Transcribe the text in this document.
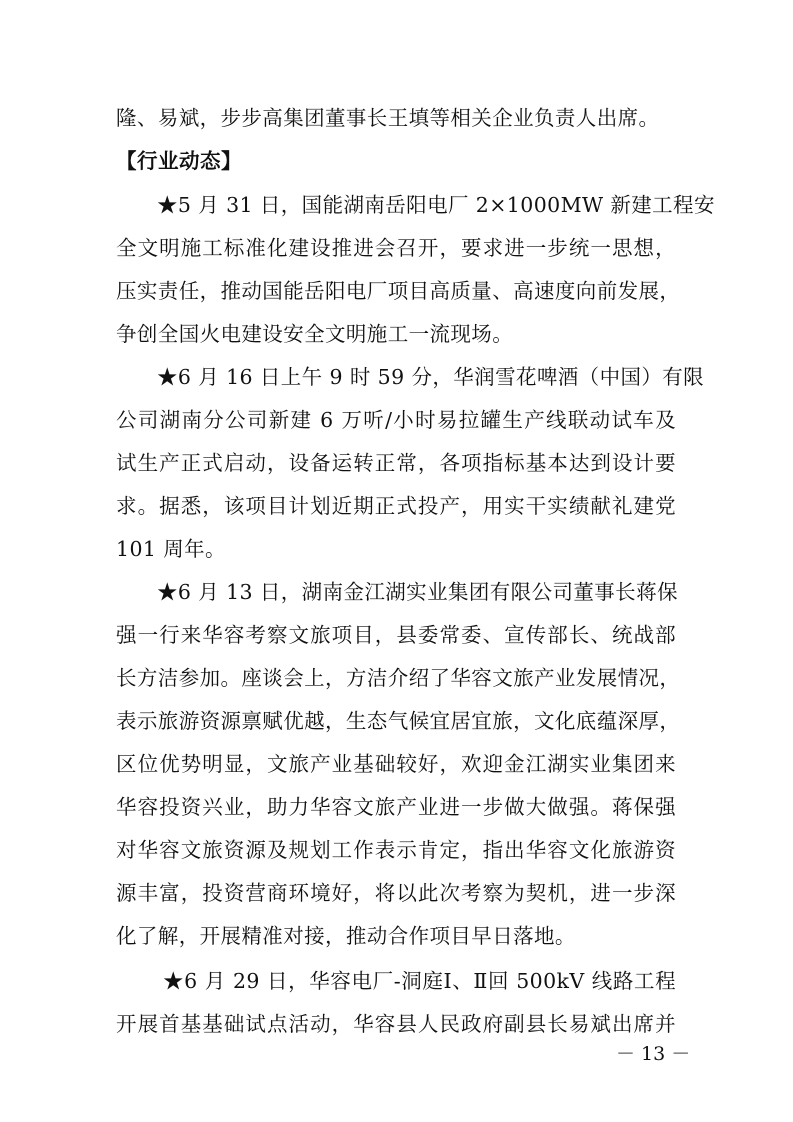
隆、易斌，步步高集团董事长王填等相关企业负责人出席。
【行业动态】
★5 月 31 日，国能湖南岳阳电厂 2×1000MW 新建工程安
全文明施工标准化建设推进会召开，要求进一步统一思想，
压实责任，推动国能岳阳电厂项目高质量、高速度向前发展，
争创全国火电建设安全文明施工一流现场。
★6 月 16 日上午 9 时 59 分，华润雪花啤酒（中国）有限
公司湖南分公司新建 6 万听/小时易拉罐生产线联动试车及
试生产正式启动，设备运转正常，各项指标基本达到设计要
求。据悉，该项目计划近期正式投产，用实干实绩献礼建党
101 周年。
★6 月 13 日，湖南金江湖实业集团有限公司董事长蒋保
强一行来华容考察文旅项目，县委常委、宣传部长、统战部
长方洁参加。座谈会上，方洁介绍了华容文旅产业发展情况，
表示旅游资源禀赋优越，生态气候宜居宜旅，文化底蕴深厚，
区位优势明显，文旅产业基础较好，欢迎金江湖实业集团来
华容投资兴业，助力华容文旅产业进一步做大做强。蒋保强
对华容文旅资源及规划工作表示肯定，指出华容文化旅游资
源丰富，投资营商环境好，将以此次考察为契机，进一步深
化了解，开展精准对接，推动合作项目早日落地。
★6 月 29 日，华容电厂-洞庭Ⅰ、Ⅱ回 500kV 线路工程
开展首基基础试点活动，华容县人民政府副县长易斌出席并
－ 13 －
